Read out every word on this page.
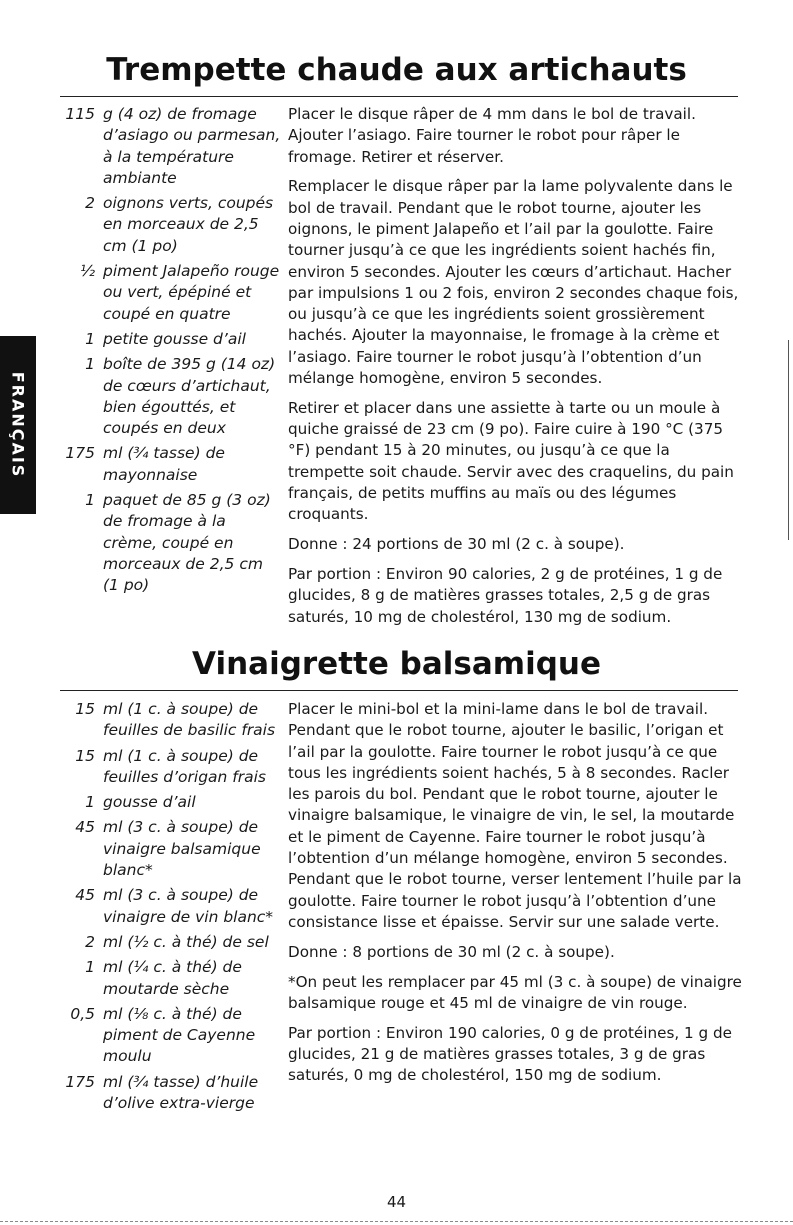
Trempette chaude aux artichauts
115 g (4 oz) de fromage d’asiago ou parmesan, à la température ambiante
2 oignons verts, coupés en morceaux de 2,5 cm (1 po)
½ piment Jalapeño rouge ou vert, épépiné et coupé en quatre
1 petite gousse d’ail
1 boîte de 395 g (14 oz) de cœurs d’artichaut, bien égouttés, et coupés en deux
175 ml (¾ tasse) de mayonnaise
1 paquet de 85 g (3 oz) de fromage à la crème, coupé en morceaux de 2,5 cm (1 po)

Placer le disque râper de 4 mm dans le bol de travail. Ajouter l’asiago. Faire tourner le robot pour râper le fromage. Retirer et réserver.

Remplacer le disque râper par la lame polyvalente dans le bol de travail. Pendant que le robot tourne, ajouter les oignons, le piment Jalapeño et l’ail par la goulotte. Faire tourner jusqu’à ce que les ingrédients soient hachés fin, environ 5 secondes. Ajouter les cœurs d’artichaut. Hacher par impulsions 1 ou 2 fois, environ 2 secondes chaque fois, ou jusqu’à ce que les ingrédients soient grossièrement hachés. Ajouter la mayonnaise, le fromage à la crème et l’asiago. Faire tourner le robot jusqu’à l’obtention d’un mélange homogène, environ 5 secondes.

Retirer et placer dans une assiette à tarte ou un moule à quiche graissé de 23 cm (9 po). Faire cuire à 190 °C (375 °F) pendant 15 à 20 minutes, ou jusqu’à ce que la trempette soit chaude. Servir avec des craquelins, du pain français, de petits muffins au maïs ou des légumes croquants.

Donne : 24 portions de 30 ml (2 c. à soupe).

Par portion : Environ 90 calories, 2 g de protéines, 1 g de glucides, 8 g de matières grasses totales, 2,5 g de gras saturés, 10 mg de cholestérol, 130 mg de sodium.

Vinaigrette balsamique
15 ml (1 c. à soupe) de feuilles de basilic frais
15 ml (1 c. à soupe) de feuilles d’origan frais
1 gousse d’ail
45 ml (3 c. à soupe) de vinaigre balsamique blanc*
45 ml (3 c. à soupe) de vinaigre de vin blanc*
2 ml (½ c. à thé) de sel
1 ml (¼ c. à thé) de moutarde sèche
0,5 ml (⅛ c. à thé) de piment de Cayenne moulu
175 ml (¾ tasse) d’huile d’olive extra-vierge

Placer le mini-bol et la mini-lame dans le bol de travail. Pendant que le robot tourne, ajouter le basilic, l’origan et l’ail par la goulotte. Faire tourner le robot jusqu’à ce que tous les ingrédients soient hachés, 5 à 8 secondes. Racler les parois du bol. Pendant que le robot tourne, ajouter le vinaigre balsamique, le vinaigre de vin, le sel, la moutarde et le piment de Cayenne. Faire tourner le robot jusqu’à l’obtention d’un mélange homogène, environ 5 secondes. Pendant que le robot tourne, verser lentement l’huile par la goulotte. Faire tourner le robot jusqu’à l’obtention d’une consistance lisse et épaisse. Servir sur une salade verte.

Donne : 8 portions de 30 ml (2 c. à soupe).

*On peut les remplacer par 45 ml (3 c. à soupe) de vinaigre balsamique rouge et 45 ml de vinaigre de vin rouge.

Par portion : Environ 190 calories, 0 g de protéines, 1 g de glucides, 21 g de matières grasses totales, 3 g de gras saturés, 0 mg de cholestérol, 150 mg de sodium.

FRANÇAIS
44
